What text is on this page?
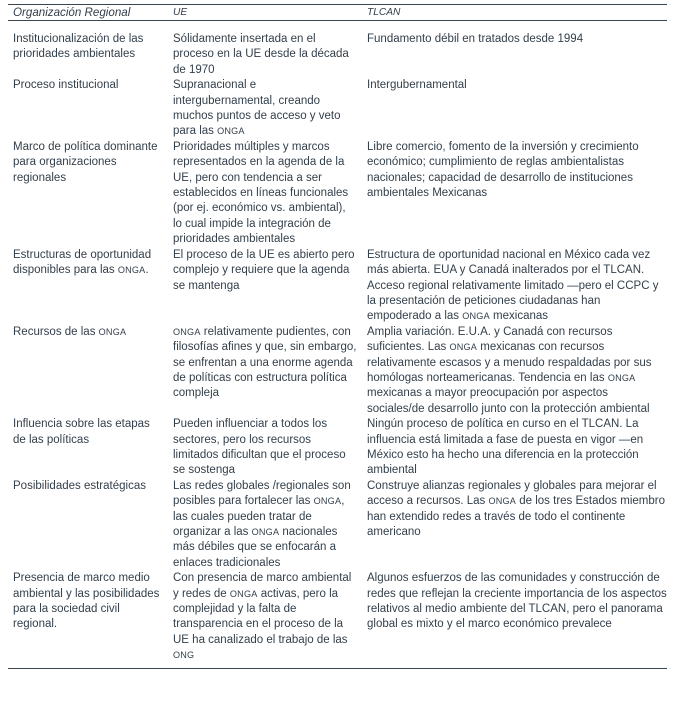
Organización Regional	UE	TLCAN
Institucionalización de las prioridades ambientales	Sólidamente insertada en el proceso en la UE desde la década de 1970	Fundamento débil en tratados desde 1994
Proceso institucional	Supranacional e intergubernamental, creando muchos puntos de acceso y veto para las ONGA	Intergubernamental
Marco de política dominante para organizaciones regionales	Prioridades múltiples y marcos representados en la agenda de la UE, pero con tendencia a ser establecidos en líneas funcionales (por ej. económico vs. ambiental), lo cual impide la integración de prioridades ambientales	Libre comercio, fomento de la inversión y crecimiento económico; cumplimiento de reglas ambientalistas nacionales; capacidad de desarrollo de instituciones ambientales Mexicanas
Estructuras de oportunidad disponibles para las ONGA.	El proceso de la UE es abierto pero complejo y requiere que la agenda se mantenga	Estructura de oportunidad nacional en México cada vez más abierta. EUA y Canadá inalterados por el TLCAN. Acceso regional relativamente limitado —pero el CCPC y la presentación de peticiones ciudadanas han empoderado a las ONGA mexicanas
Recursos de las ONGA	ONGA relativamente pudientes, con filosofías afines y que, sin embargo, se enfrentan a una enorme agenda de políticas con estructura política compleja	Amplia variación. E.U.A. y Canadá con recursos suficientes. Las ONGA mexicanas con recursos relativamente escasos y a menudo respaldadas por sus homólogas norteamericanas. Tendencia en las ONGA mexicanas a mayor preocupación por aspectos sociales/de desarrollo junto con la protección ambiental
Influencia sobre las etapas de las políticas	Pueden influenciar a todos los sectores, pero los recursos limitados dificultan que el proceso se sostenga	Ningún proceso de política en curso en el TLCAN. La influencia está limitada a fase de puesta en vigor —en México esto ha hecho una diferencia en la protección ambiental
Posibilidades estratégicas	Las redes globales /regionales son posibles para fortalecer las ONGA, las cuales pueden tratar de organizar a las ONGA nacionales más débiles que se enfocarán a enlaces tradicionales	Construye alianzas regionales y globales para mejorar el acceso a recursos. Las ONGA de los tres Estados miembro han extendido redes a través de todo el continente americano
Presencia de marco medio ambiental y las posibilidades para la sociedad civil regional.	Con presencia de marco ambiental y redes de ONGA activas, pero la complejidad y la falta de transparencia en el proceso de la UE ha canalizado el trabajo de las ONG	Algunos esfuerzos de las comunidades y construcción de redes que reflejan la creciente importancia de los aspectos relativos al medio ambiente del TLCAN, pero el panorama global es mixto y el marco económico prevalece
